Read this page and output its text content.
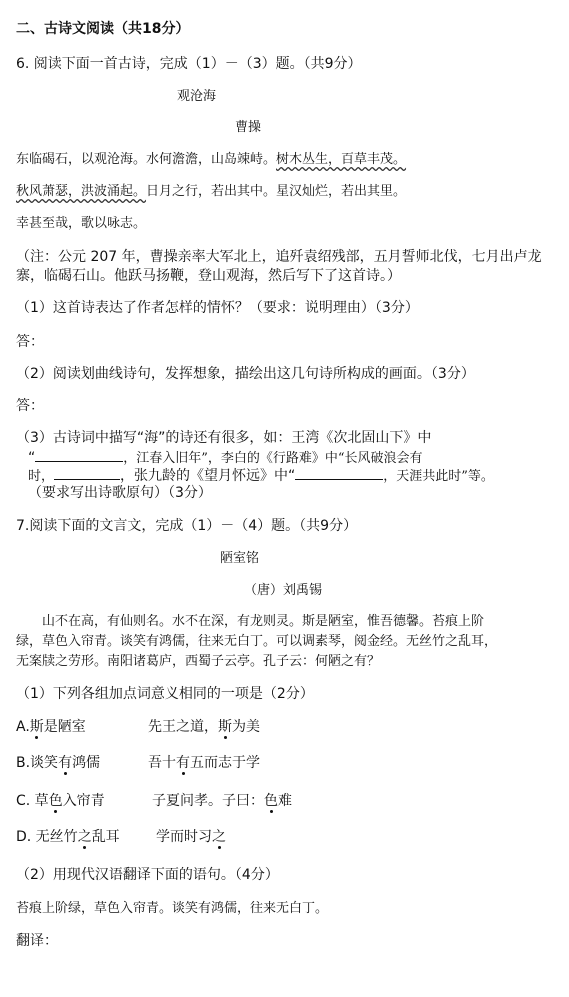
二、古诗文阅读（共18分）
6. 阅读下面一首古诗，完成（1）－（3）题。（共9分）
观沧海
曹操
东临碣石，以观沧海。水何澹澹，山岛竦峙。树木丛生，百草丰茂。
秋风萧瑟，洪波涌起。日月之行，若出其中。星汉灿烂，若出其里。
幸甚至哉，歌以咏志。
（注：公元 207 年，曹操亲率大军北上，追歼袁绍残部，五月誓师北伐，七月出卢龙
寨，临碣石山。他跃马扬鞭，登山观海，然后写下了这首诗。）
（1）这首诗表达了作者怎样的情怀？（要求：说明理由）（3分）
答：
（2）阅读划曲线诗句，发挥想象，描绘出这几句诗所构成的画面。（3分）
答：
（3）古诗词中描写“海”的诗还有很多，如：王湾《次北固山下》中
“	，江春入旧年”，李白的《行路难》中“长风破浪会有
时，	，张九龄的《望月怀远》中“	，天涯共此时”等。
（要求写出诗歌原句）（3分）
7.阅读下面的文言文，完成（1）－（4）题。（共9分）
陋室铭
（唐）刘禹锡
山不在高，有仙则名。水不在深，有龙则灵。斯是陋室，惟吾德馨。苔痕上阶
绿，草色入帘青。谈笑有鸿儒，往来无白丁。可以调素琴，阅金经。无丝竹之乱耳，
无案牍之劳形。南阳诸葛庐，西蜀子云亭。孔子云：何陋之有？
（1）下列各组加点词意义相同的一项是（2分）
A.斯是陋室	先王之道，斯为美
B.谈笑有鸿儒	吾十有五而志于学
C. 草色入帘青	子夏问孝。子曰：色难
D. 无丝竹之乱耳	学而时习之
（2）用现代汉语翻译下面的语句。（4分）
苔痕上阶绿，草色入帘青。谈笑有鸿儒，往来无白丁。
翻译：
